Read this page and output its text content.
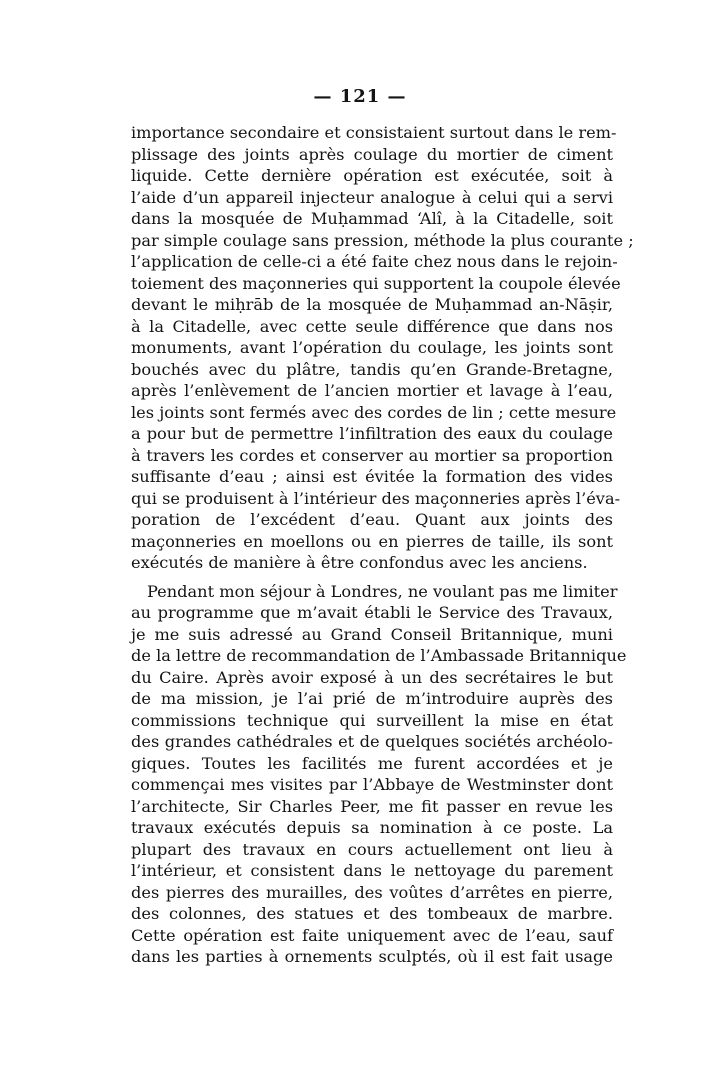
— 121 —
importance secondaire et consistaient surtout dans le rem-
plissage des joints après coulage du mortier de ciment
liquide. Cette dernière opération est exécutée, soit à
l’aide d’un appareil injecteur analogue à celui qui a servi
dans la mosquée de Muḥammad ‘Alî, à la Citadelle, soit
par simple coulage sans pression, méthode la plus courante ;
l’application de celle-ci a été faite chez nous dans le rejoin-
toiement des maçonneries qui supportent la coupole élevée
devant le miḥrāb de la mosquée de Muḥammad an-Nāṣir,
à la Citadelle, avec cette seule différence que dans nos
monuments, avant l’opération du coulage, les joints sont
bouchés avec du plâtre, tandis qu’en Grande-Bretagne,
après l’enlèvement de l’ancien mortier et lavage à l’eau,
les joints sont fermés avec des cordes de lin ; cette mesure
a pour but de permettre l’infiltration des eaux du coulage
à travers les cordes et conserver au mortier sa proportion
suffisante d’eau ; ainsi est évitée la formation des vides
qui se produisent à l’intérieur des maçonneries après l’éva-
poration de l’excédent d’eau. Quant aux joints des
maçonneries en moellons ou en pierres de taille, ils sont
exécutés de manière à être confondus avec les anciens.
Pendant mon séjour à Londres, ne voulant pas me limiter
au programme que m’avait établi le Service des Travaux,
je me suis adressé au Grand Conseil Britannique, muni
de la lettre de recommandation de l’Ambassade Britannique
du Caire. Après avoir exposé à un des secrétaires le but
de ma mission, je l’ai prié de m’introduire auprès des
commissions technique qui surveillent la mise en état
des grandes cathédrales et de quelques sociétés archéolo-
giques. Toutes les facilités me furent accordées et je
commençai mes visites par l’Abbaye de Westminster dont
l’architecte, Sir Charles Peer, me fit passer en revue les
travaux exécutés depuis sa nomination à ce poste. La
plupart des travaux en cours actuellement ont lieu à
l’intérieur, et consistent dans le nettoyage du parement
des pierres des murailles, des voûtes d’arrêtes en pierre,
des colonnes, des statues et des tombeaux de marbre.
Cette opération est faite uniquement avec de l’eau, sauf
dans les parties à ornements sculptés, où il est fait usage
